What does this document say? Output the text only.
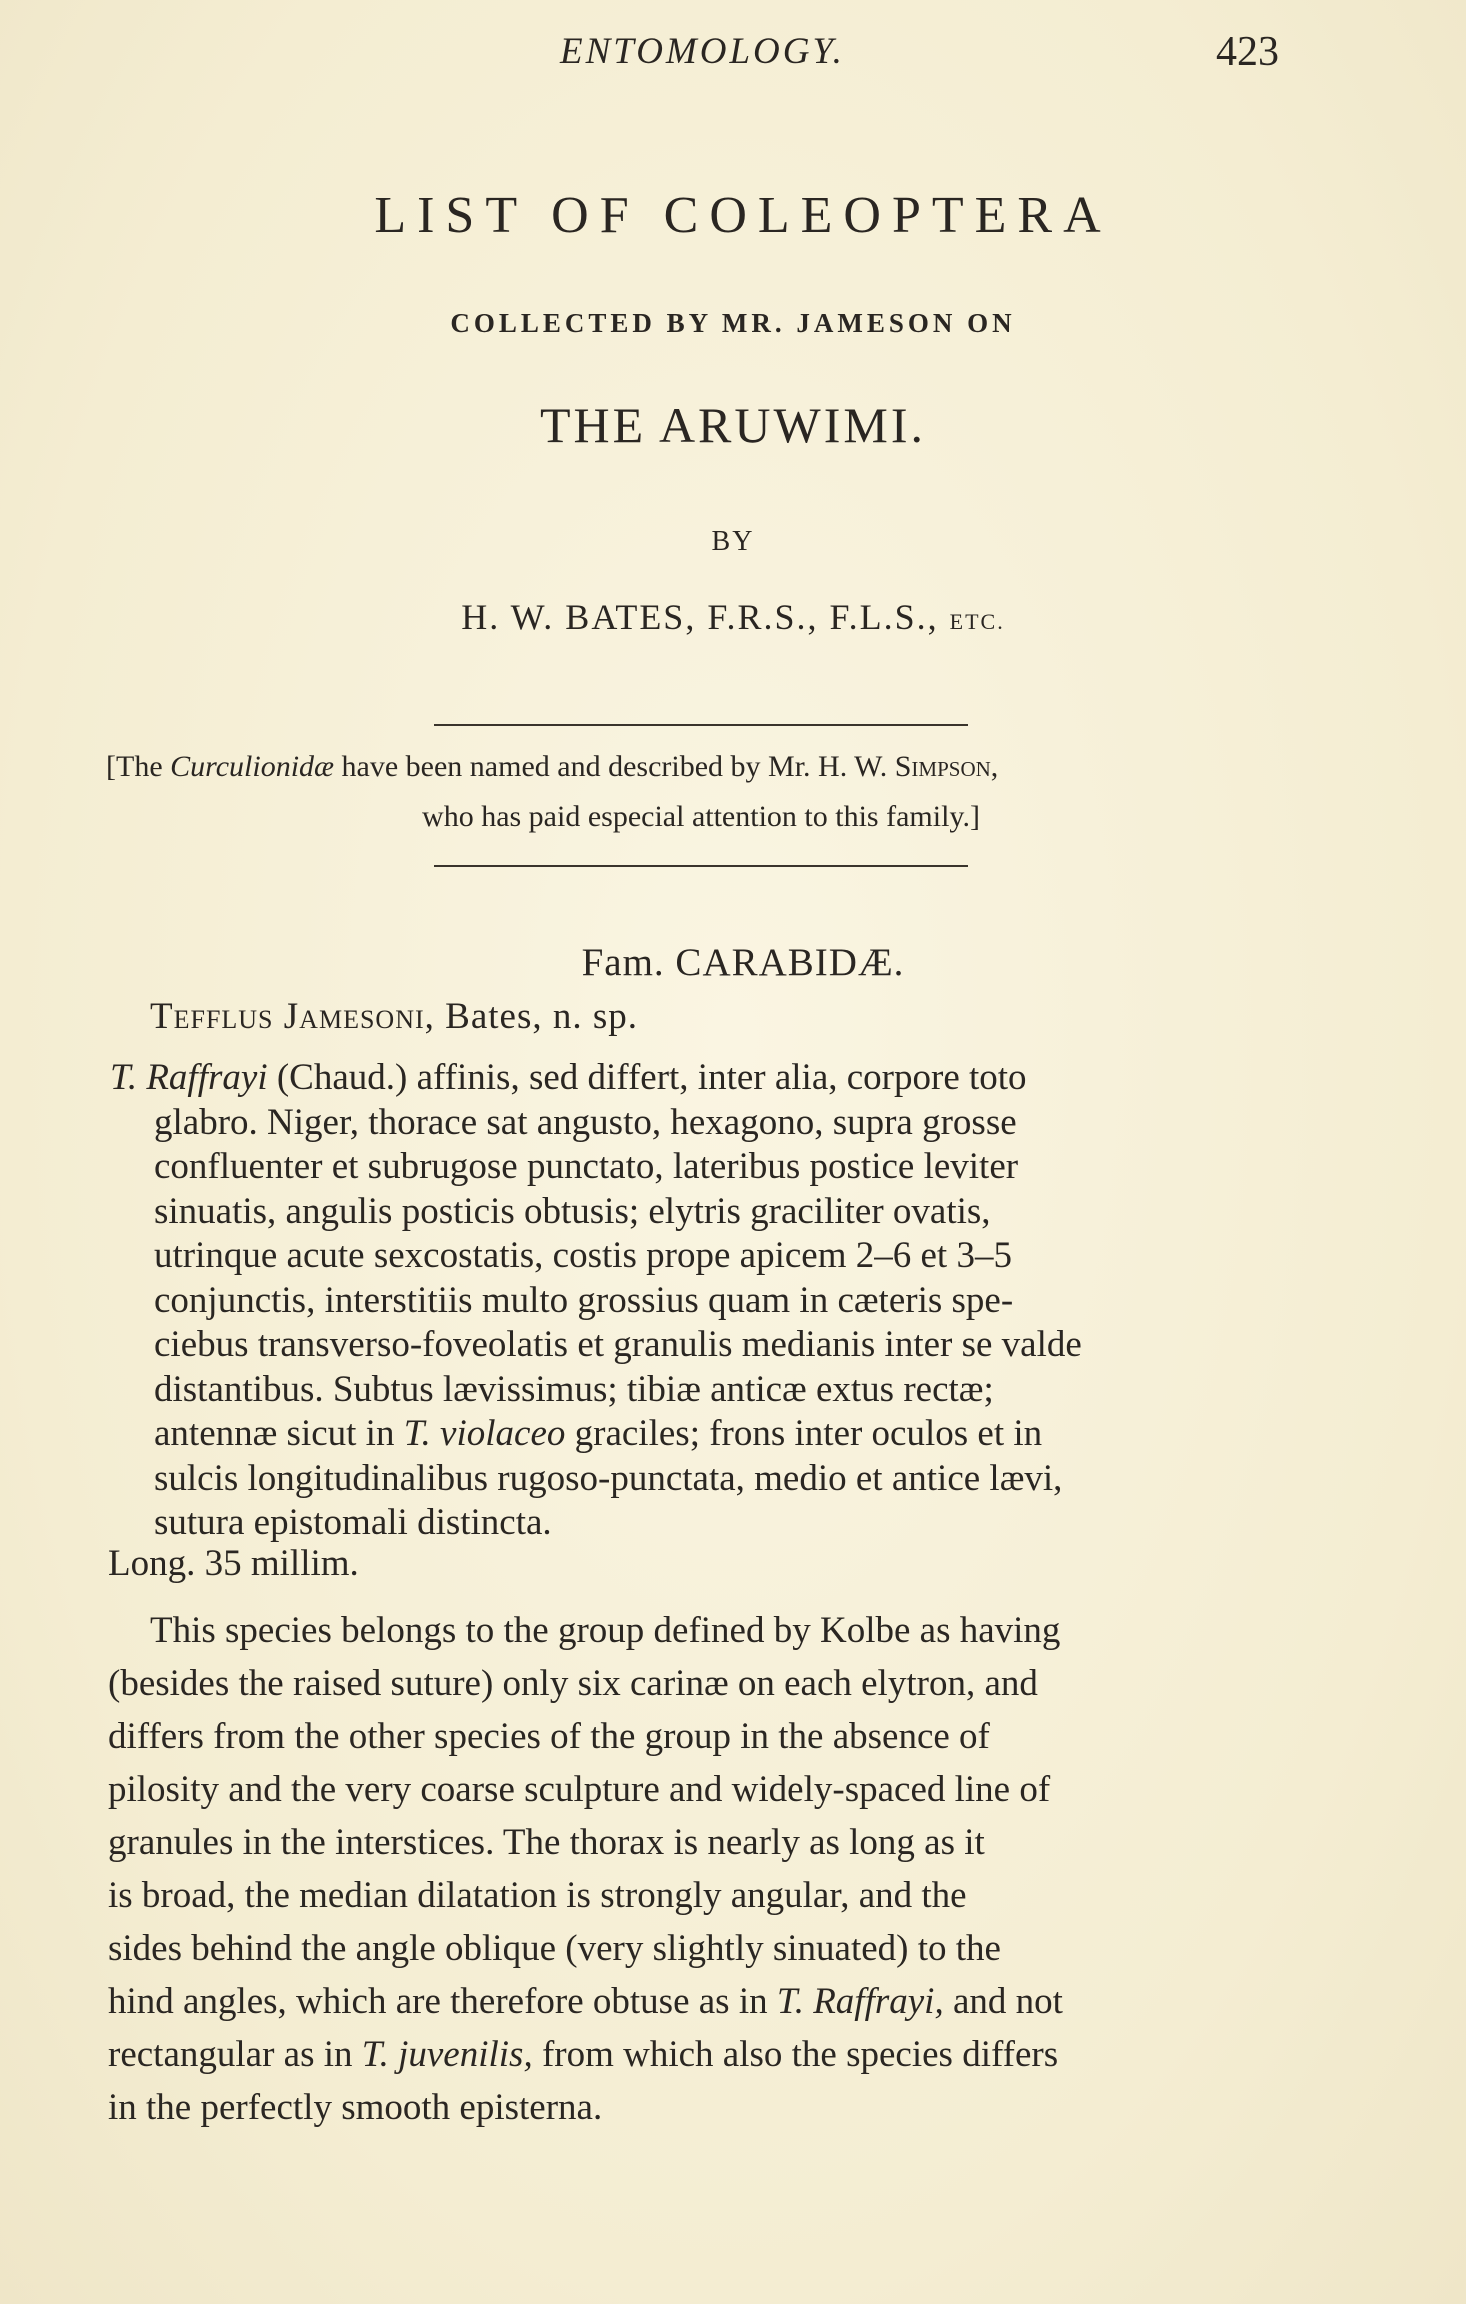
ENTOMOLOGY.	423
LIST OF COLEOPTERA
COLLECTED BY MR. JAMESON ON
THE ARUWIMI.
BY
H. W. BATES, F.R.S., F.L.S., ETC.
[The Curculionidæ have been named and described by Mr. H. W. Simpson,
who has paid especial attention to this family.]
Fam. CARABIDÆ.
Tefflus Jamesoni, Bates, n. sp.
T. Raffrayi (Chaud.) affinis, sed differt, inter alia, corpore toto
glabro. Niger, thorace sat angusto, hexagono, supra grosse
confluenter et subrugose punctato, lateribus postice leviter
sinuatis, angulis posticis obtusis; elytris graciliter ovatis,
utrinque acute sexcostatis, costis prope apicem 2–6 et 3–5
conjunctis, interstitiis multo grossius quam in cæteris spe-
ciebus transverso-foveolatis et granulis medianis inter se valde
distantibus. Subtus lævissimus; tibiæ anticæ extus rectæ;
antennæ sicut in T. violaceo graciles; frons inter oculos et in
sulcis longitudinalibus rugoso-punctata, medio et antice lævi,
sutura epistomali distincta.
Long. 35 millim.
This species belongs to the group defined by Kolbe as having
(besides the raised suture) only six carinæ on each elytron, and
differs from the other species of the group in the absence of
pilosity and the very coarse sculpture and widely-spaced line of
granules in the interstices. The thorax is nearly as long as it
is broad, the median dilatation is strongly angular, and the
sides behind the angle oblique (very slightly sinuated) to the
hind angles, which are therefore obtuse as in T. Raffrayi, and not
rectangular as in T. juvenilis, from which also the species differs
in the perfectly smooth episterna.
